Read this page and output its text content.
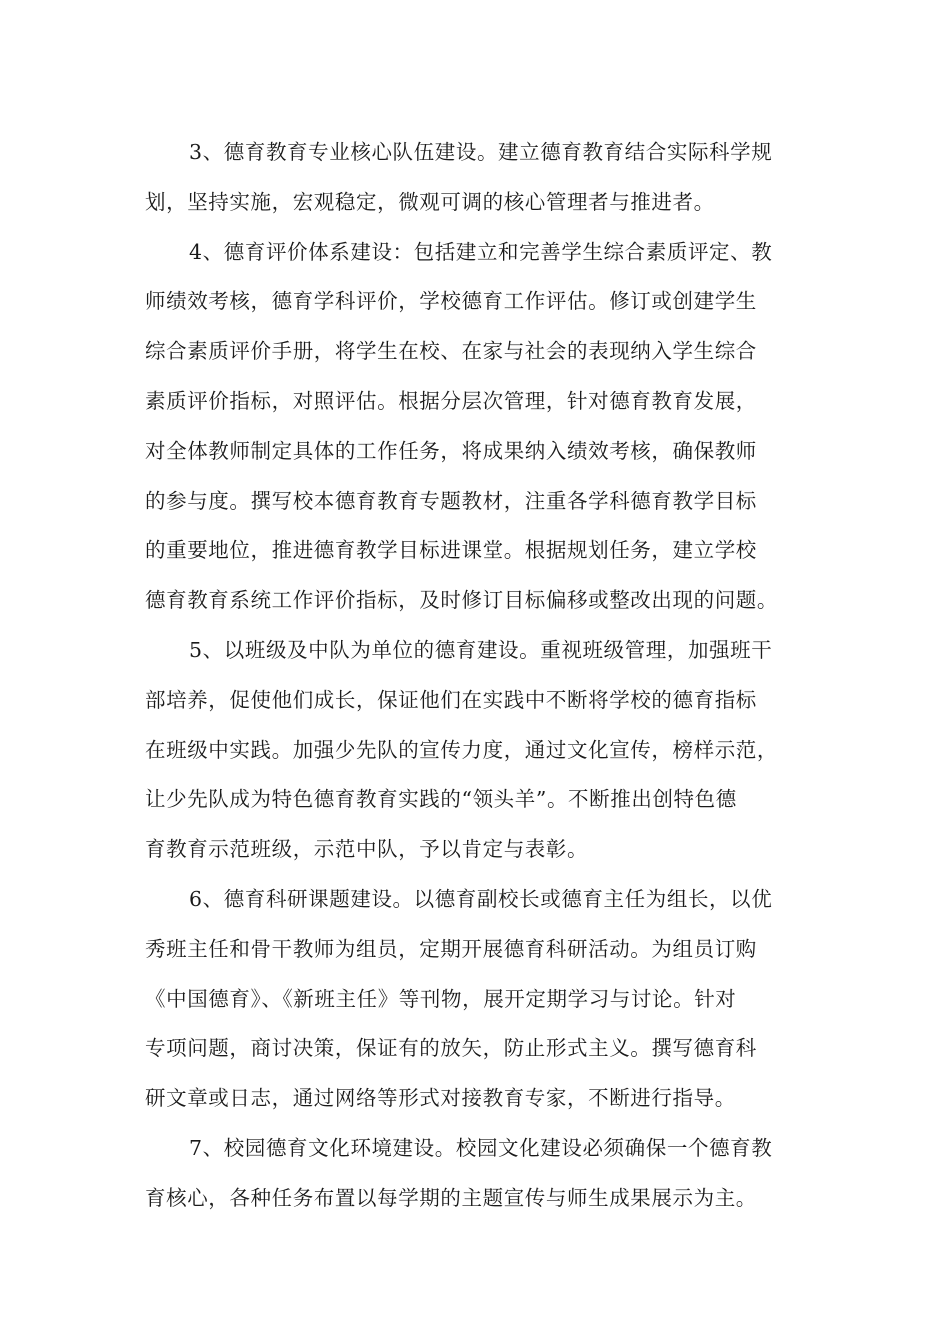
3、德育教育专业核心队伍建设。建立德育教育结合实际科学规
划，坚持实施，宏观稳定，微观可调的核心管理者与推进者。
4、德育评价体系建设：包括建立和完善学生综合素质评定、教
师绩效考核，德育学科评价，学校德育工作评估。修订或创建学生
综合素质评价手册，将学生在校、在家与社会的表现纳入学生综合
素质评价指标，对照评估。根据分层次管理，针对德育教育发展，
对全体教师制定具体的工作任务，将成果纳入绩效考核，确保教师
的参与度。撰写校本德育教育专题教材，注重各学科德育教学目标
的重要地位，推进德育教学目标进课堂。根据规划任务，建立学校
德育教育系统工作评价指标，及时修订目标偏移或整改出现的问题。
5、以班级及中队为单位的德育建设。重视班级管理，加强班干
部培养，促使他们成长，保证他们在实践中不断将学校的德育指标
在班级中实践。加强少先队的宣传力度，通过文化宣传，榜样示范，
让少先队成为特色德育教育实践的“领头羊”。不断推出创特色德
育教育示范班级，示范中队，予以肯定与表彰。
6、德育科研课题建设。以德育副校长或德育主任为组长，以优
秀班主任和骨干教师为组员，定期开展德育科研活动。为组员订购
《中国德育》、《新班主任》等刊物，展开定期学习与讨论。针对
专项问题，商讨决策，保证有的放矢，防止形式主义。撰写德育科
研文章或日志，通过网络等形式对接教育专家，不断进行指导。
7、校园德育文化环境建设。校园文化建设必须确保一个德育教
育核心，各种任务布置以每学期的主题宣传与师生成果展示为主。
